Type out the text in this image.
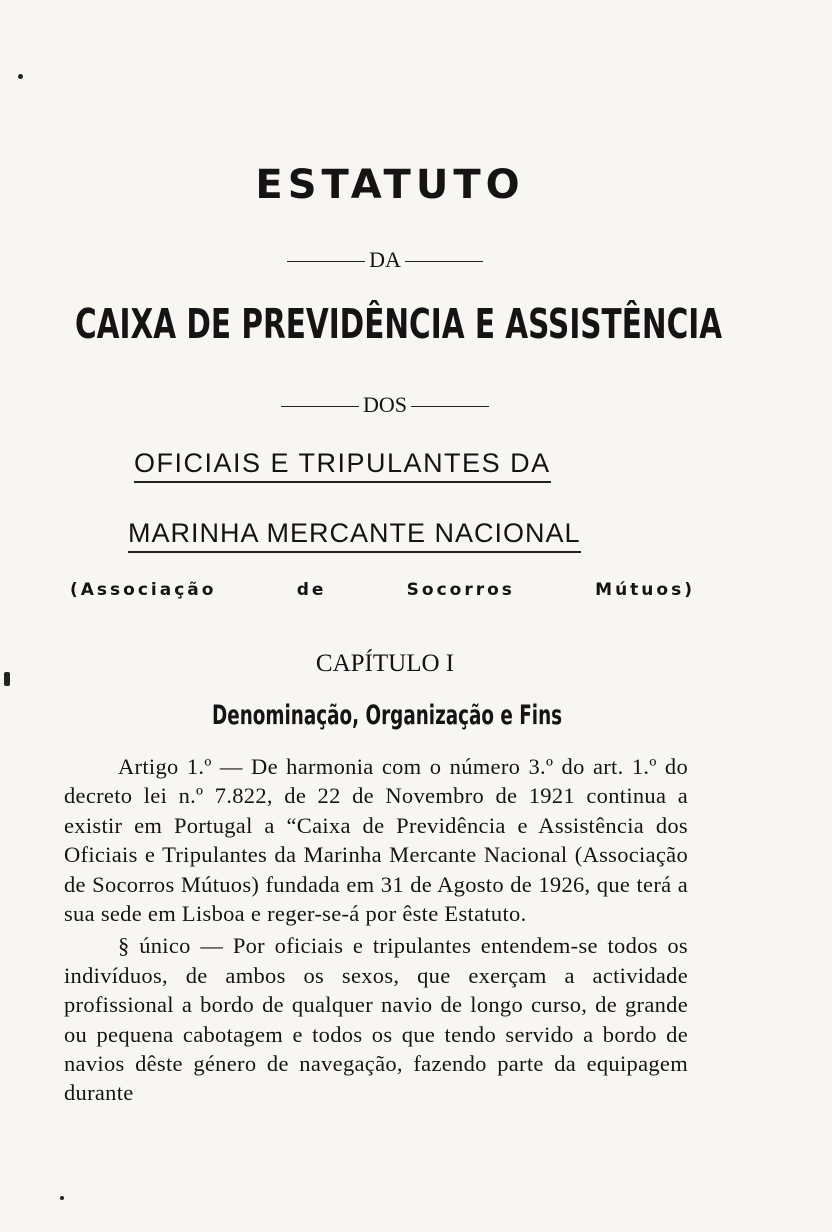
ESTATUTO
DA
CAIXA DE PREVIDÊNCIA E ASSISTÊNCIA
DOS
OFICIAIS E TRIPULANTES DA
MARINHA MERCANTE NACIONAL
(Associação	de	Socorros	Mútuos)
CAPÍTULO I
Denominação, Organização e Fins

Artigo 1.º — De harmonia com o número 3.º do art. 1.º do decreto lei n.º 7.822, de 22 de Novembro de 1921 continua a existir em Portugal a “Caixa de Previdência e Assistência dos Oficiais e Tripulantes da Marinha Mercante Nacional (Associação de Socorros Mútuos) fundada em 31 de Agosto de 1926, que terá a sua sede em Lisboa e reger-se-á por êste Estatuto.

§ único — Por oficiais e tripulantes entendem-se todos os indivíduos, de ambos os sexos, que exerçam a actividade profissional a bordo de qualquer navio de longo curso, de grande ou pequena cabotagem e todos os que tendo servido a bordo de navios dêste género de navegação, fazendo parte da equipagem durante
